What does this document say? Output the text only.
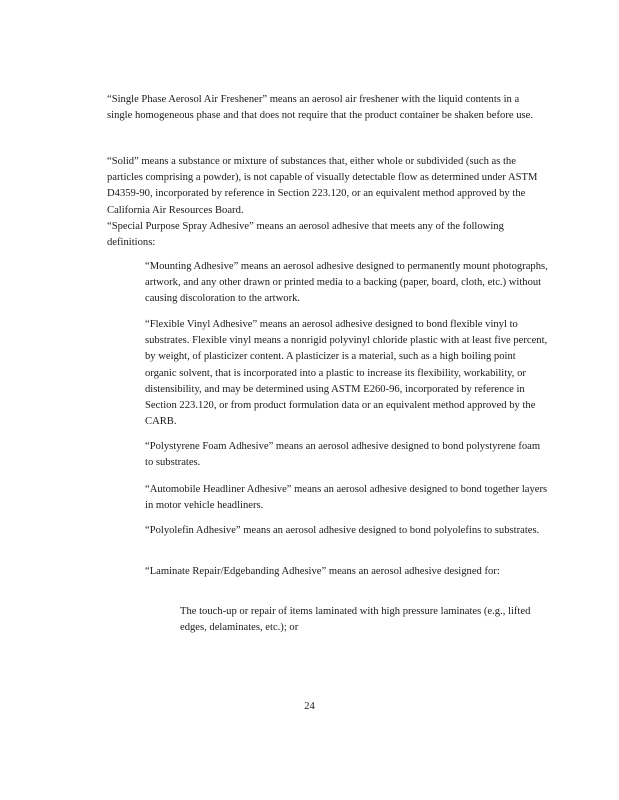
“Single Phase Aerosol Air Freshener” means an aerosol air freshener with the liquid contents in a single homogeneous phase and that does not require that the product container be shaken before use.

“Solid” means a substance or mixture of substances that, either whole or subdivided (such as the particles comprising a powder), is not capable of visually detectable flow as determined under ASTM D4359-90, incorporated by reference in Section 223.120, or an equivalent method approved by the California Air Resources Board.

“Special Purpose Spray Adhesive” means an aerosol adhesive that meets any of the following definitions:

“Mounting Adhesive” means an aerosol adhesive designed to permanently mount photographs, artwork, and any other drawn or printed media to a backing (paper, board, cloth, etc.) without causing discoloration to the artwork.

“Flexible Vinyl Adhesive” means an aerosol adhesive designed to bond flexible vinyl to substrates. Flexible vinyl means a nonrigid polyvinyl chloride plastic with at least five percent, by weight, of plasticizer content. A plasticizer is a material, such as a high boiling point organic solvent, that is incorporated into a plastic to increase its flexibility, workability, or distensibility, and may be determined using ASTM E260-96, incorporated by reference in Section 223.120, or from product formulation data or an equivalent method approved by the CARB.

“Polystyrene Foam Adhesive” means an aerosol adhesive designed to bond polystyrene foam to substrates.

“Automobile Headliner Adhesive” means an aerosol adhesive designed to bond together layers in motor vehicle headliners.

“Polyolefin Adhesive” means an aerosol adhesive designed to bond polyolefins to substrates.

“Laminate Repair/Edgebanding Adhesive” means an aerosol adhesive designed for:

The touch-up or repair of items laminated with high pressure laminates (e.g., lifted edges, delaminates, etc.); or

24
